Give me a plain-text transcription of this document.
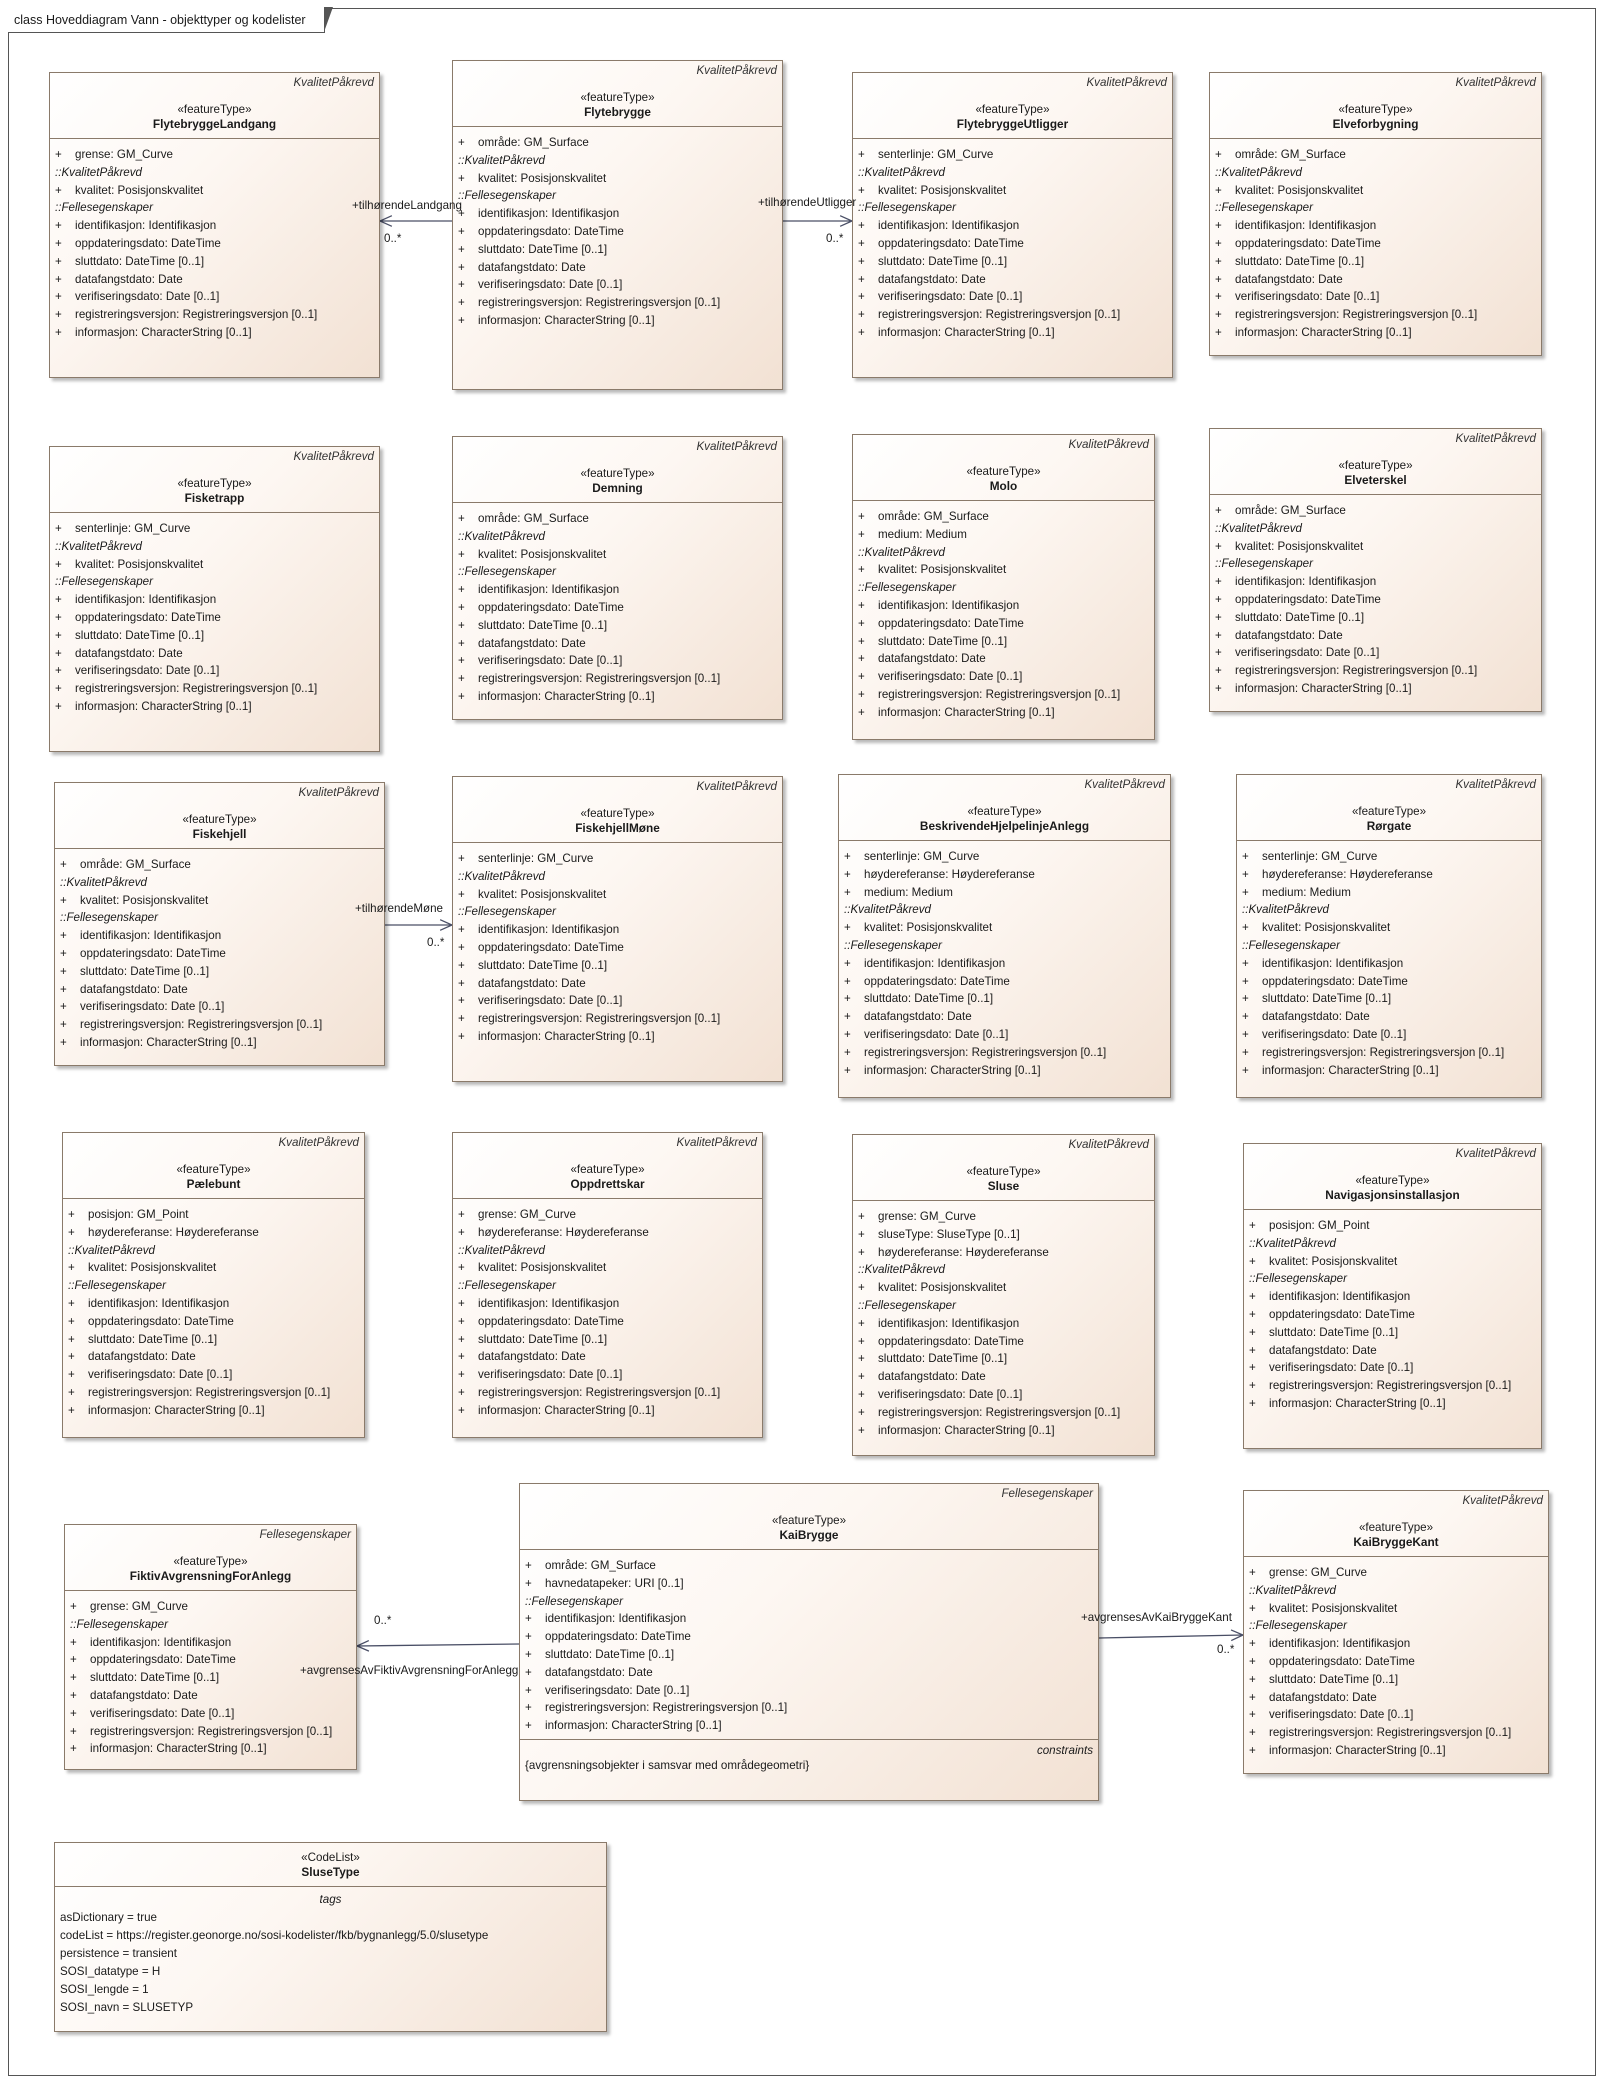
class Hoveddiagram Vann - objekttyper og kodelister
KvalitetPåkrevd
«featureType»
FlytebryggeLandgang
+ grense: GM_Curve
::KvalitetPåkrevd
+ kvalitet: Posisjonskvalitet
::Fellesegenskaper
+ identifikasjon: Identifikasjon
+ oppdateringsdato: DateTime
+ sluttdato: DateTime [0..1]
+ datafangstdato: Date
+ verifiseringsdato: Date [0..1]
+ registreringsversjon: Registreringsversjon [0..1]
+ informasjon: CharacterString [0..1]
KvalitetPåkrevd
«featureType»
Flytebrygge
+ område: GM_Surface
::KvalitetPåkrevd
+ kvalitet: Posisjonskvalitet
::Fellesegenskaper
+ identifikasjon: Identifikasjon
+ oppdateringsdato: DateTime
+ sluttdato: DateTime [0..1]
+ datafangstdato: Date
+ verifiseringsdato: Date [0..1]
+ registreringsversjon: Registreringsversjon [0..1]
+ informasjon: CharacterString [0..1]
KvalitetPåkrevd
«featureType»
FlytebryggeUtligger
+ senterlinje: GM_Curve
::KvalitetPåkrevd
+ kvalitet: Posisjonskvalitet
::Fellesegenskaper
+ identifikasjon: Identifikasjon
+ oppdateringsdato: DateTime
+ sluttdato: DateTime [0..1]
+ datafangstdato: Date
+ verifiseringsdato: Date [0..1]
+ registreringsversjon: Registreringsversjon [0..1]
+ informasjon: CharacterString [0..1]
KvalitetPåkrevd
«featureType»
Elveforbygning
+ område: GM_Surface
::KvalitetPåkrevd
+ kvalitet: Posisjonskvalitet
::Fellesegenskaper
+ identifikasjon: Identifikasjon
+ oppdateringsdato: DateTime
+ sluttdato: DateTime [0..1]
+ datafangstdato: Date
+ verifiseringsdato: Date [0..1]
+ registreringsversjon: Registreringsversjon [0..1]
+ informasjon: CharacterString [0..1]
KvalitetPåkrevd
«featureType»
Fisketrapp
+ senterlinje: GM_Curve
::KvalitetPåkrevd
+ kvalitet: Posisjonskvalitet
::Fellesegenskaper
+ identifikasjon: Identifikasjon
+ oppdateringsdato: DateTime
+ sluttdato: DateTime [0..1]
+ datafangstdato: Date
+ verifiseringsdato: Date [0..1]
+ registreringsversjon: Registreringsversjon [0..1]
+ informasjon: CharacterString [0..1]
KvalitetPåkrevd
«featureType»
Demning
+ område: GM_Surface
::KvalitetPåkrevd
+ kvalitet: Posisjonskvalitet
::Fellesegenskaper
+ identifikasjon: Identifikasjon
+ oppdateringsdato: DateTime
+ sluttdato: DateTime [0..1]
+ datafangstdato: Date
+ verifiseringsdato: Date [0..1]
+ registreringsversjon: Registreringsversjon [0..1]
+ informasjon: CharacterString [0..1]
KvalitetPåkrevd
«featureType»
Molo
+ område: GM_Surface
+ medium: Medium
::KvalitetPåkrevd
+ kvalitet: Posisjonskvalitet
::Fellesegenskaper
+ identifikasjon: Identifikasjon
+ oppdateringsdato: DateTime
+ sluttdato: DateTime [0..1]
+ datafangstdato: Date
+ verifiseringsdato: Date [0..1]
+ registreringsversjon: Registreringsversjon [0..1]
+ informasjon: CharacterString [0..1]
KvalitetPåkrevd
«featureType»
Elveterskel
+ område: GM_Surface
::KvalitetPåkrevd
+ kvalitet: Posisjonskvalitet
::Fellesegenskaper
+ identifikasjon: Identifikasjon
+ oppdateringsdato: DateTime
+ sluttdato: DateTime [0..1]
+ datafangstdato: Date
+ verifiseringsdato: Date [0..1]
+ registreringsversjon: Registreringsversjon [0..1]
+ informasjon: CharacterString [0..1]
KvalitetPåkrevd
«featureType»
Fiskehjell
+ område: GM_Surface
::KvalitetPåkrevd
+ kvalitet: Posisjonskvalitet
::Fellesegenskaper
+ identifikasjon: Identifikasjon
+ oppdateringsdato: DateTime
+ sluttdato: DateTime [0..1]
+ datafangstdato: Date
+ verifiseringsdato: Date [0..1]
+ registreringsversjon: Registreringsversjon [0..1]
+ informasjon: CharacterString [0..1]
KvalitetPåkrevd
«featureType»
FiskehjellMøne
+ senterlinje: GM_Curve
::KvalitetPåkrevd
+ kvalitet: Posisjonskvalitet
::Fellesegenskaper
+ identifikasjon: Identifikasjon
+ oppdateringsdato: DateTime
+ sluttdato: DateTime [0..1]
+ datafangstdato: Date
+ verifiseringsdato: Date [0..1]
+ registreringsversjon: Registreringsversjon [0..1]
+ informasjon: CharacterString [0..1]
KvalitetPåkrevd
«featureType»
BeskrivendeHjelpelinjeAnlegg
+ senterlinje: GM_Curve
+ høydereferanse: Høydereferanse
+ medium: Medium
::KvalitetPåkrevd
+ kvalitet: Posisjonskvalitet
::Fellesegenskaper
+ identifikasjon: Identifikasjon
+ oppdateringsdato: DateTime
+ sluttdato: DateTime [0..1]
+ datafangstdato: Date
+ verifiseringsdato: Date [0..1]
+ registreringsversjon: Registreringsversjon [0..1]
+ informasjon: CharacterString [0..1]
KvalitetPåkrevd
«featureType»
Rørgate
+ senterlinje: GM_Curve
+ høydereferanse: Høydereferanse
+ medium: Medium
::KvalitetPåkrevd
+ kvalitet: Posisjonskvalitet
::Fellesegenskaper
+ identifikasjon: Identifikasjon
+ oppdateringsdato: DateTime
+ sluttdato: DateTime [0..1]
+ datafangstdato: Date
+ verifiseringsdato: Date [0..1]
+ registreringsversjon: Registreringsversjon [0..1]
+ informasjon: CharacterString [0..1]
KvalitetPåkrevd
«featureType»
Pælebunt
+ posisjon: GM_Point
+ høydereferanse: Høydereferanse
::KvalitetPåkrevd
+ kvalitet: Posisjonskvalitet
::Fellesegenskaper
+ identifikasjon: Identifikasjon
+ oppdateringsdato: DateTime
+ sluttdato: DateTime [0..1]
+ datafangstdato: Date
+ verifiseringsdato: Date [0..1]
+ registreringsversjon: Registreringsversjon [0..1]
+ informasjon: CharacterString [0..1]
KvalitetPåkrevd
«featureType»
Oppdrettskar
+ grense: GM_Curve
+ høydereferanse: Høydereferanse
::KvalitetPåkrevd
+ kvalitet: Posisjonskvalitet
::Fellesegenskaper
+ identifikasjon: Identifikasjon
+ oppdateringsdato: DateTime
+ sluttdato: DateTime [0..1]
+ datafangstdato: Date
+ verifiseringsdato: Date [0..1]
+ registreringsversjon: Registreringsversjon [0..1]
+ informasjon: CharacterString [0..1]
KvalitetPåkrevd
«featureType»
Sluse
+ grense: GM_Curve
+ sluseType: SluseType [0..1]
+ høydereferanse: Høydereferanse
::KvalitetPåkrevd
+ kvalitet: Posisjonskvalitet
::Fellesegenskaper
+ identifikasjon: Identifikasjon
+ oppdateringsdato: DateTime
+ sluttdato: DateTime [0..1]
+ datafangstdato: Date
+ verifiseringsdato: Date [0..1]
+ registreringsversjon: Registreringsversjon [0..1]
+ informasjon: CharacterString [0..1]
KvalitetPåkrevd
«featureType»
Navigasjonsinstallasjon
+ posisjon: GM_Point
::KvalitetPåkrevd
+ kvalitet: Posisjonskvalitet
::Fellesegenskaper
+ identifikasjon: Identifikasjon
+ oppdateringsdato: DateTime
+ sluttdato: DateTime [0..1]
+ datafangstdato: Date
+ verifiseringsdato: Date [0..1]
+ registreringsversjon: Registreringsversjon [0..1]
+ informasjon: CharacterString [0..1]
Fellesegenskaper
«featureType»
FiktivAvgrensningForAnlegg
+ grense: GM_Curve
::Fellesegenskaper
+ identifikasjon: Identifikasjon
+ oppdateringsdato: DateTime
+ sluttdato: DateTime [0..1]
+ datafangstdato: Date
+ verifiseringsdato: Date [0..1]
+ registreringsversjon: Registreringsversjon [0..1]
+ informasjon: CharacterString [0..1]
Fellesegenskaper
«featureType»
KaiBrygge
+ område: GM_Surface
+ havnedatapeker: URI [0..1]
::Fellesegenskaper
+ identifikasjon: Identifikasjon
+ oppdateringsdato: DateTime
+ sluttdato: DateTime [0..1]
+ datafangstdato: Date
+ verifiseringsdato: Date [0..1]
+ registreringsversjon: Registreringsversjon [0..1]
+ informasjon: CharacterString [0..1]
constraints
{avgrensningsobjekter i samsvar med områdegeometri}
KvalitetPåkrevd
«featureType»
KaiBryggeKant
+ grense: GM_Curve
::KvalitetPåkrevd
+ kvalitet: Posisjonskvalitet
::Fellesegenskaper
+ identifikasjon: Identifikasjon
+ oppdateringsdato: DateTime
+ sluttdato: DateTime [0..1]
+ datafangstdato: Date
+ verifiseringsdato: Date [0..1]
+ registreringsversjon: Registreringsversjon [0..1]
+ informasjon: CharacterString [0..1]
«CodeList»
SluseType
tags
asDictionary = true
codeList = https://register.geonorge.no/sosi-kodelister/fkb/bygnanlegg/5.0/slusetype
persistence = transient
SOSI_datatype = H
SOSI_lengde = 1
SOSI_navn = SLUSETYP
+tilhørendeLandgang
0..*
+tilhørendeUtligger
0..*
+tilhørendeMøne
0..*
+avgrensesAvFiktivAvgrensningForAnlegg
0..*	+avgrensesAvKaiBryggeKant
0..*
